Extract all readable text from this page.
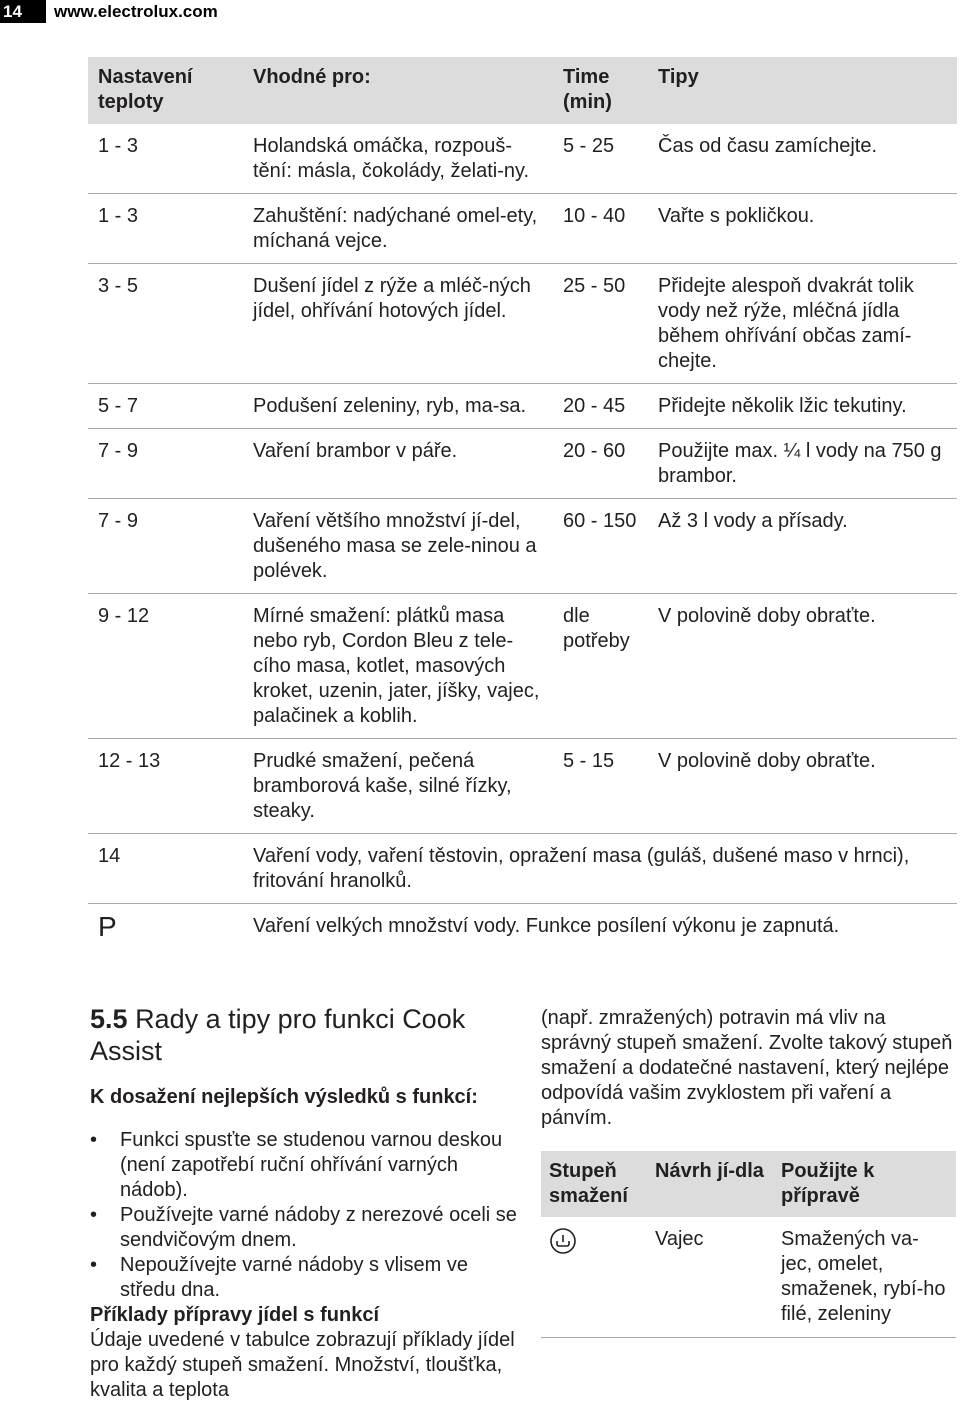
14	www.electrolux.com
Nastavení teploty	Vhodné pro:	Time (min)	Tipy
1 - 3	Holandská omáčka, rozpouš-tění: másla, čokolády, želati-ny.	5 - 25	Čas od času zamíchejte.
1 - 3	Zahuštění: nadýchané omel-ety, míchaná vejce.	10 - 40	Vařte s pokličkou.
3 - 5	Dušení jídel z rýže a mléč-ných jídel, ohřívání hotových jídel.	25 - 50	Přidejte alespoň dvakrát tolik vody než rýže, mléčná jídla během ohřívání občas zamí-chejte.
5 - 7	Podušení zeleniny, ryb, ma-sa.	20 - 45	Přidejte několik lžic tekutiny.
7 - 9	Vaření brambor v páře.	20 - 60	Použijte max. ¼ l vody na 750 g brambor.
7 - 9	Vaření většího množství jí-del, dušeného masa se zele-ninou a polévek.	60 - 150	Až 3 l vody a přísady.
9 - 12	Mírné smažení: plátků masa nebo ryb, Cordon Bleu z tele-cího masa, kotlet, masových kroket, uzenin, jater, jíšky, vajec, palačinek a koblih.	dle potřeby	V polovině doby obraťte.
12 - 13	Prudké smažení, pečená bramborová kaše, silné řízky, steaky.	5 - 15	V polovině doby obraťte.
14	Vaření vody, vaření těstovin, opražení masa (guláš, dušené maso v hrnci), fritování hranolků.		
P	Vaření velkých množství vody. Funkce posílení výkonu je zapnutá.		
5.5 Rady a tipy pro funkci Cook Assist

K dosažení nejlepších výsledků s funkcí:

• Funkci spusťte se studenou varnou deskou (není zapotřebí ruční ohřívání varných nádob).
• Používejte varné nádoby z nerezové oceli se sendvičovým dnem.
• Nepoužívejte varné nádoby s vlisem ve středu dna.

Příklady přípravy jídel s funkcí

Údaje uvedené v tabulce zobrazují příklady jídel pro každý stupeň smažení. Množství, tloušťka, kvalita a teplota

(např. zmražených) potravin má vliv na správný stupeň smažení. Zvolte takový stupeň smažení a dodatečné nastavení, který nejlépe odpovídá vašim zvyklostem při vaření a pánvím.

Stupeň smažení	Návrh jí-dla	Použijte k přípravě
	Vajec	Smažených va-jec, omelet, smaženek, rybí-ho filé, zeleniny
